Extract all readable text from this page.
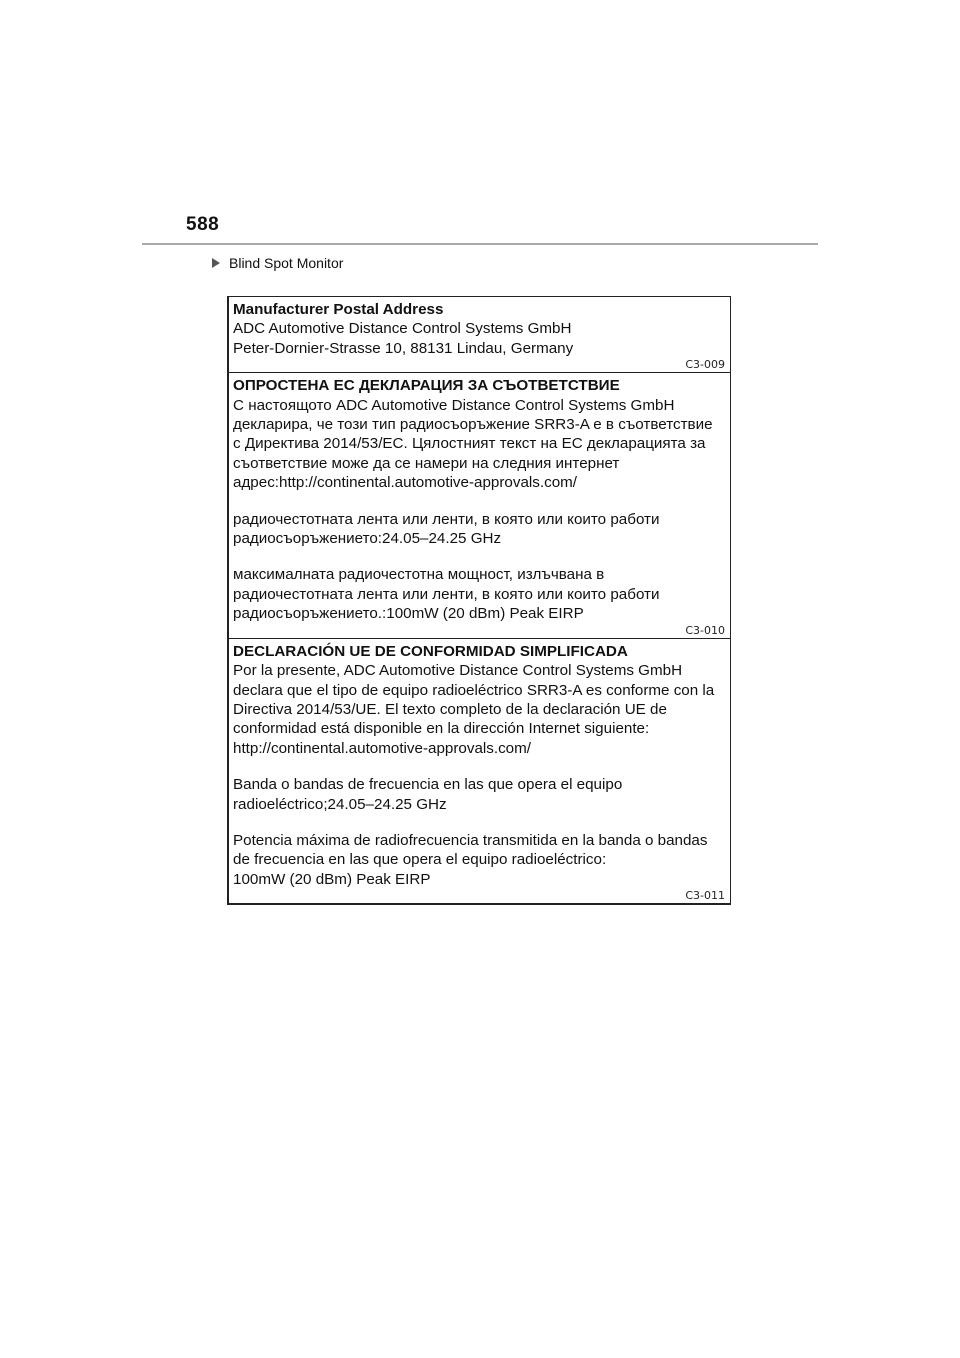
588
Blind Spot Monitor
Manufacturer Postal Address
ADC Automotive Distance Control Systems GmbH
Peter-Dornier-Strasse 10, 88131 Lindau, Germany
C3-009
ОПРОСТЕНА ЕС ДЕКЛАРАЦИЯ ЗА СЪОТВЕТСТВИЕ
С настоящото ADC Automotive Distance Control Systems GmbH
декларира, че този тип радиосъоръжение SRR3-A е в съответствие
с Директива 2014/53/ЕС. Цялостният текст на ЕС декларацията за
съответствие може да се намери на следния интернет
адрес:http://continental.automotive-approvals.com/
радиочестотната лента или ленти, в която или които работи
радиосъоръжението:24.05–24.25 GHz
максималната радиочестотна мощност, излъчвана в
радиочестотната лента или ленти, в която или които работи
радиосъоръжението.:100mW (20 dBm) Peak EIRP
C3-010
DECLARACIÓN UE DE CONFORMIDAD SIMPLIFICADA
Por la presente, ADC Automotive Distance Control Systems GmbH
declara que el tipo de equipo radioeléctrico SRR3-A es conforme con la
Directiva 2014/53/UE. El texto completo de la declaración UE de
conformidad está disponible en la dirección Internet siguiente:
http://continental.automotive-approvals.com/
Banda o bandas de frecuencia en las que opera el equipo
radioeléctrico;24.05–24.25 GHz
Potencia máxima de radiofrecuencia transmitida en la banda o bandas
de frecuencia en las que opera el equipo radioeléctrico:
100mW (20 dBm) Peak EIRP
C3-011
